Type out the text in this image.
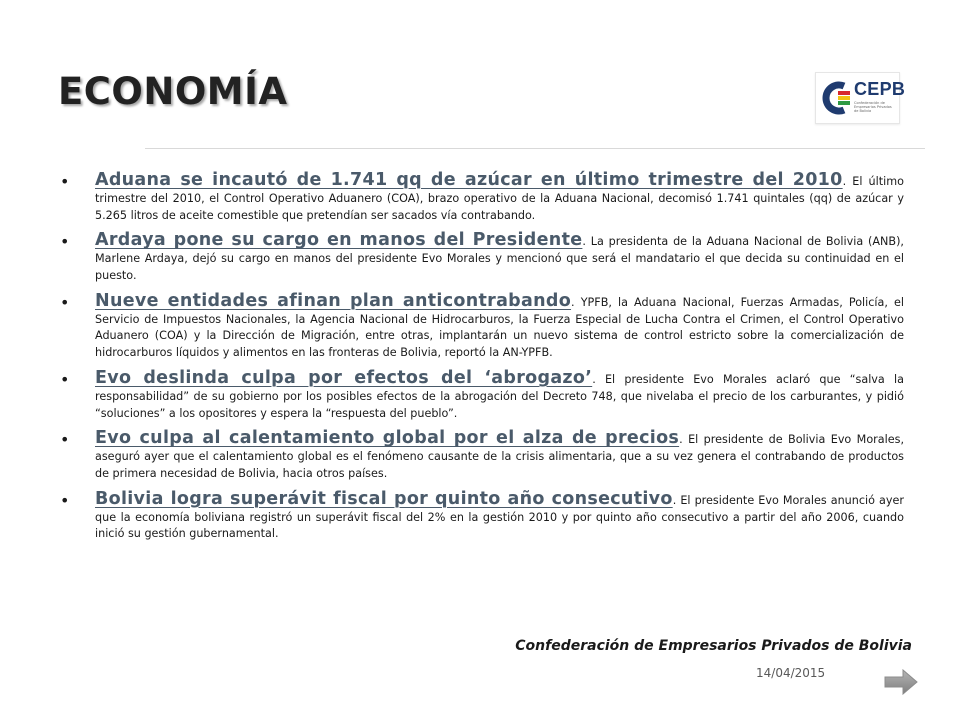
ECONOMÍA	CEPB
Confederación de Empresarios Privados de Bolivia
• Aduana se incautó de 1.741 qq de azúcar en último trimestre del 2010. El último trimestre del 2010, el Control Operativo Aduanero (COA), brazo operativo de la Aduana Nacional, decomisó 1.741 quintales (qq) de azúcar y 5.265 litros de aceite comestible que pretendían ser sacados vía contrabando.
• Ardaya pone su cargo en manos del Presidente. La presidenta de la Aduana Nacional de Bolivia (ANB), Marlene Ardaya, dejó su cargo en manos del presidente Evo Morales y mencionó que será el mandatario el que decida su continuidad en el puesto.
• Nueve entidades afinan plan anticontrabando. YPFB, la Aduana Nacional, Fuerzas Armadas, Policía, el Servicio de Impuestos Nacionales, la Agencia Nacional de Hidrocarburos, la Fuerza Especial de Lucha Contra el Crimen, el Control Operativo Aduanero (COA) y la Dirección de Migración, entre otras, implantarán un nuevo sistema de control estricto sobre la comercialización de hidrocarburos líquidos y alimentos en las fronteras de Bolivia, reportó la AN-YPFB.
• Evo deslinda culpa por efectos del ‘abrogazo’. El presidente Evo Morales aclaró que “salva la responsabilidad” de su gobierno por los posibles efectos de la abrogación del Decreto 748, que nivelaba el precio de los carburantes, y pidió “soluciones” a los opositores y espera la “respuesta del pueblo”.
• Evo culpa al calentamiento global por el alza de precios. El presidente de Bolivia Evo Morales, aseguró ayer que el calentamiento global es el fenómeno causante de la crisis alimentaria, que a su vez genera el contrabando de productos de primera necesidad de Bolivia, hacia otros países.
• Bolivia logra superávit fiscal por quinto año consecutivo. El presidente Evo Morales anunció ayer que la economía boliviana registró un superávit fiscal del 2% en la gestión 2010 y por quinto año consecutivo a partir del año 2006, cuando inició su gestión gubernamental.
Confederación de Empresarios Privados de Bolivia
14/04/2015
